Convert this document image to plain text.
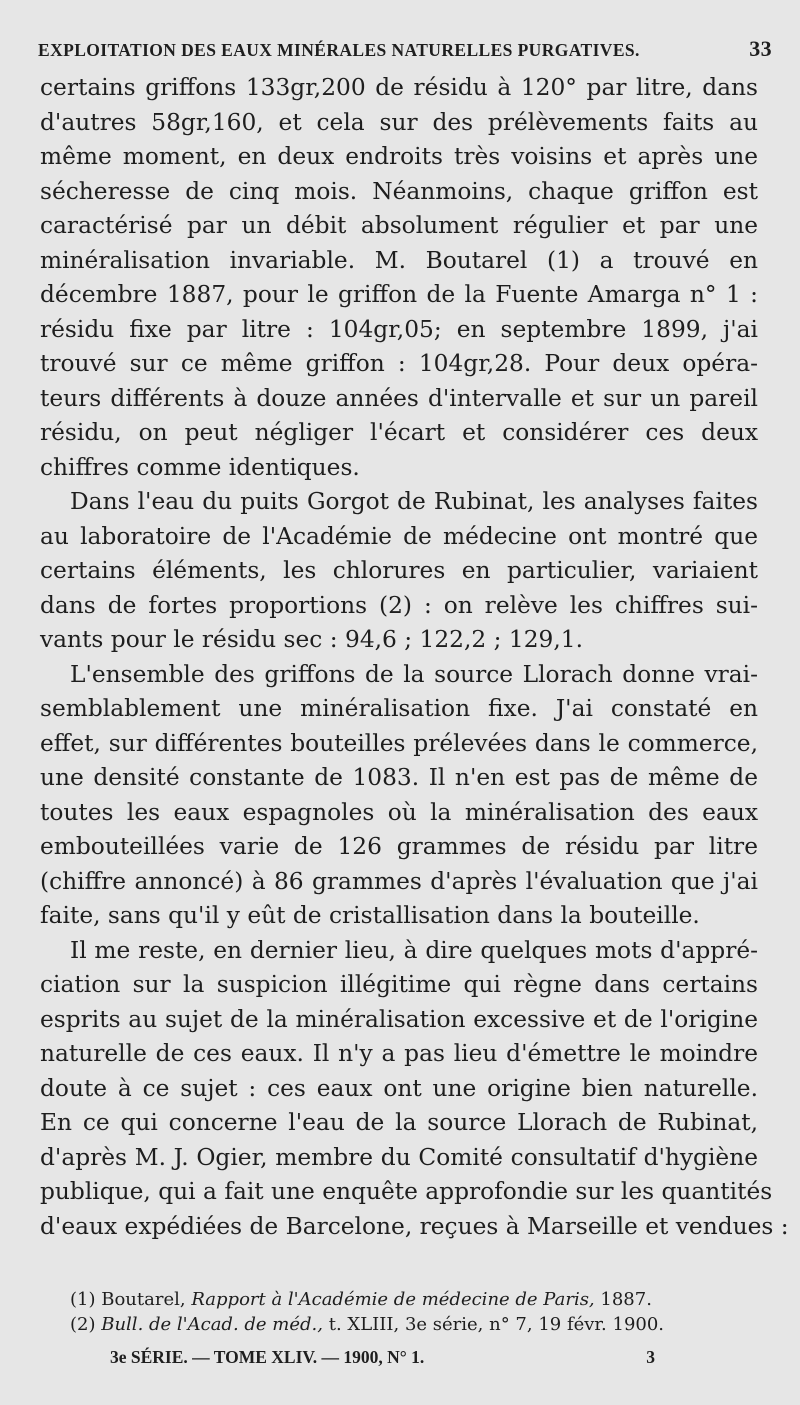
EXPLOITATION DES EAUX MINÉRALES NATURELLES PURGATIVES.	33
certains griffons 133gr,200 de résidu à 120° par litre, dans
d'autres 58gr,160, et cela sur des prélèvements faits au
même moment, en deux endroits très voisins et après une
sécheresse de cinq mois. Néanmoins, chaque griffon est
caractérisé par un débit absolument régulier et par une
minéralisation invariable. M. Boutarel (1) a trouvé en
décembre 1887, pour le griffon de la Fuente Amarga n° 1 :
résidu fixe par litre : 104gr,05; en septembre 1899, j'ai
trouvé sur ce même griffon : 104gr,28. Pour deux opéra-
teurs différents à douze années d'intervalle et sur un pareil
résidu, on peut négliger l'écart et considérer ces deux
chiffres comme identiques.
Dans l'eau du puits Gorgot de Rubinat, les analyses faites
au laboratoire de l'Académie de médecine ont montré que
certains éléments, les chlorures en particulier, variaient
dans de fortes proportions (2) : on relève les chiffres sui-
vants pour le résidu sec : 94,6 ; 122,2 ; 129,1.
L'ensemble des griffons de la source Llorach donne vrai-
semblablement une minéralisation fixe. J'ai constaté en
effet, sur différentes bouteilles prélevées dans le commerce,
une densité constante de 1083. Il n'en est pas de même de
toutes les eaux espagnoles où la minéralisation des eaux
embouteillées varie de 126 grammes de résidu par litre
(chiffre annoncé) à 86 grammes d'après l'évaluation que j'ai
faite, sans qu'il y eût de cristallisation dans la bouteille.
Il me reste, en dernier lieu, à dire quelques mots d'appré-
ciation sur la suspicion illégitime qui règne dans certains
esprits au sujet de la minéralisation excessive et de l'origine
naturelle de ces eaux. Il n'y a pas lieu d'émettre le moindre
doute à ce sujet : ces eaux ont une origine bien naturelle.
En ce qui concerne l'eau de la source Llorach de Rubinat,
d'après M. J. Ogier, membre du Comité consultatif d'hygiène
publique, qui a fait une enquête approfondie sur les quantités
d'eaux expédiées de Barcelone, reçues à Marseille et vendues :
(1) Boutarel, Rapport à l'Académie de médecine de Paris, 1887.
(2) Bull. de l'Acad. de méd., t. XLIII, 3e série, n° 7, 19 févr. 1900.
3e SÉRIE. — TOME XLIV. — 1900, N° 1.	3
